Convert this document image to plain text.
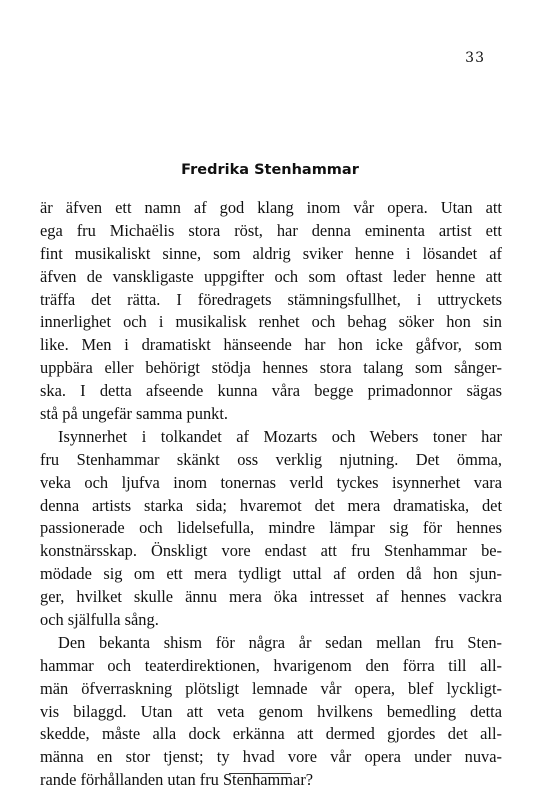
33
Fredrika Stenhammar
är äfven ett namn af god klang inom vår opera. Utan att
ega fru Michaëlis stora röst, har denna eminenta artist ett
fint musikaliskt sinne, som aldrig sviker henne i lösandet af
äfven de vanskligaste uppgifter och som oftast leder henne att
träffa det rätta. I föredragets stämningsfullhet, i uttryckets
innerlighet och i musikalisk renhet och behag söker hon sin
like. Men i dramatiskt hänseende har hon icke gåfvor, som
uppbära eller behörigt stödja hennes stora talang som sånger-
ska. I detta afseende kunna våra begge primadonnor sägas
stå på ungefär samma punkt.
Isynnerhet i tolkandet af Mozarts och Webers toner har
fru Stenhammar skänkt oss verklig njutning. Det ömma,
veka och ljufva inom tonernas verld tyckes isynnerhet vara
denna artists starka sida; hvaremot det mera dramatiska, det
passionerade och lidelsefulla, mindre lämpar sig för hennes
konstnärsskap. Önskligt vore endast att fru Stenhammar be-
mödade sig om ett mera tydligt uttal af orden då hon sjun-
ger, hvilket skulle ännu mera öka intresset af hennes vackra
och själfulla sång.
Den bekanta shism för några år sedan mellan fru Sten-
hammar och teaterdirektionen, hvarigenom den förra till all-
män öfverraskning plötsligt lemnade vår opera, blef lyckligt-
vis bilaggd. Utan att veta genom hvilkens bemedling detta
skedde, måste alla dock erkänna att dermed gjordes det all-
männa en stor tjenst; ty hvad vore vår opera under nuva-
rande förhållanden utan fru Stenhammar?
